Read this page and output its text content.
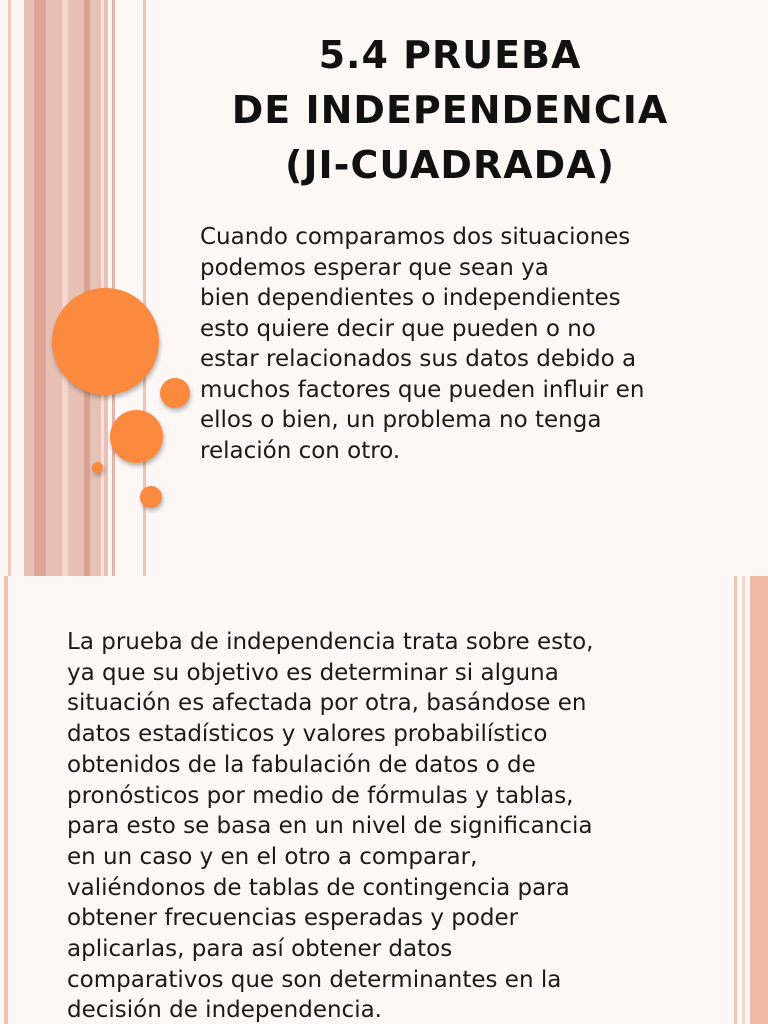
5.4 PRUEBA
DE INDEPENDENCIA
(JI-CUADRADA)

Cuando comparamos dos situaciones
podemos esperar que sean ya
bien dependientes o independientes
esto quiere decir que pueden o no
estar relacionados sus datos debido a
muchos factores que pueden influir en
ellos o bien, un problema no tenga
relación con otro.

La prueba de independencia trata sobre esto,
ya que su objetivo es determinar si alguna
situación es afectada por otra, basándose en
datos estadísticos y valores probabilístico
obtenidos de la fabulación de datos o de
pronósticos por medio de fórmulas y tablas,
para esto se basa en un nivel de significancia
en un caso y en el otro a comparar,
valiéndonos de tablas de contingencia para
obtener frecuencias esperadas y poder
aplicarlas, para así obtener datos
comparativos que son determinantes en la
decisión de independencia.
